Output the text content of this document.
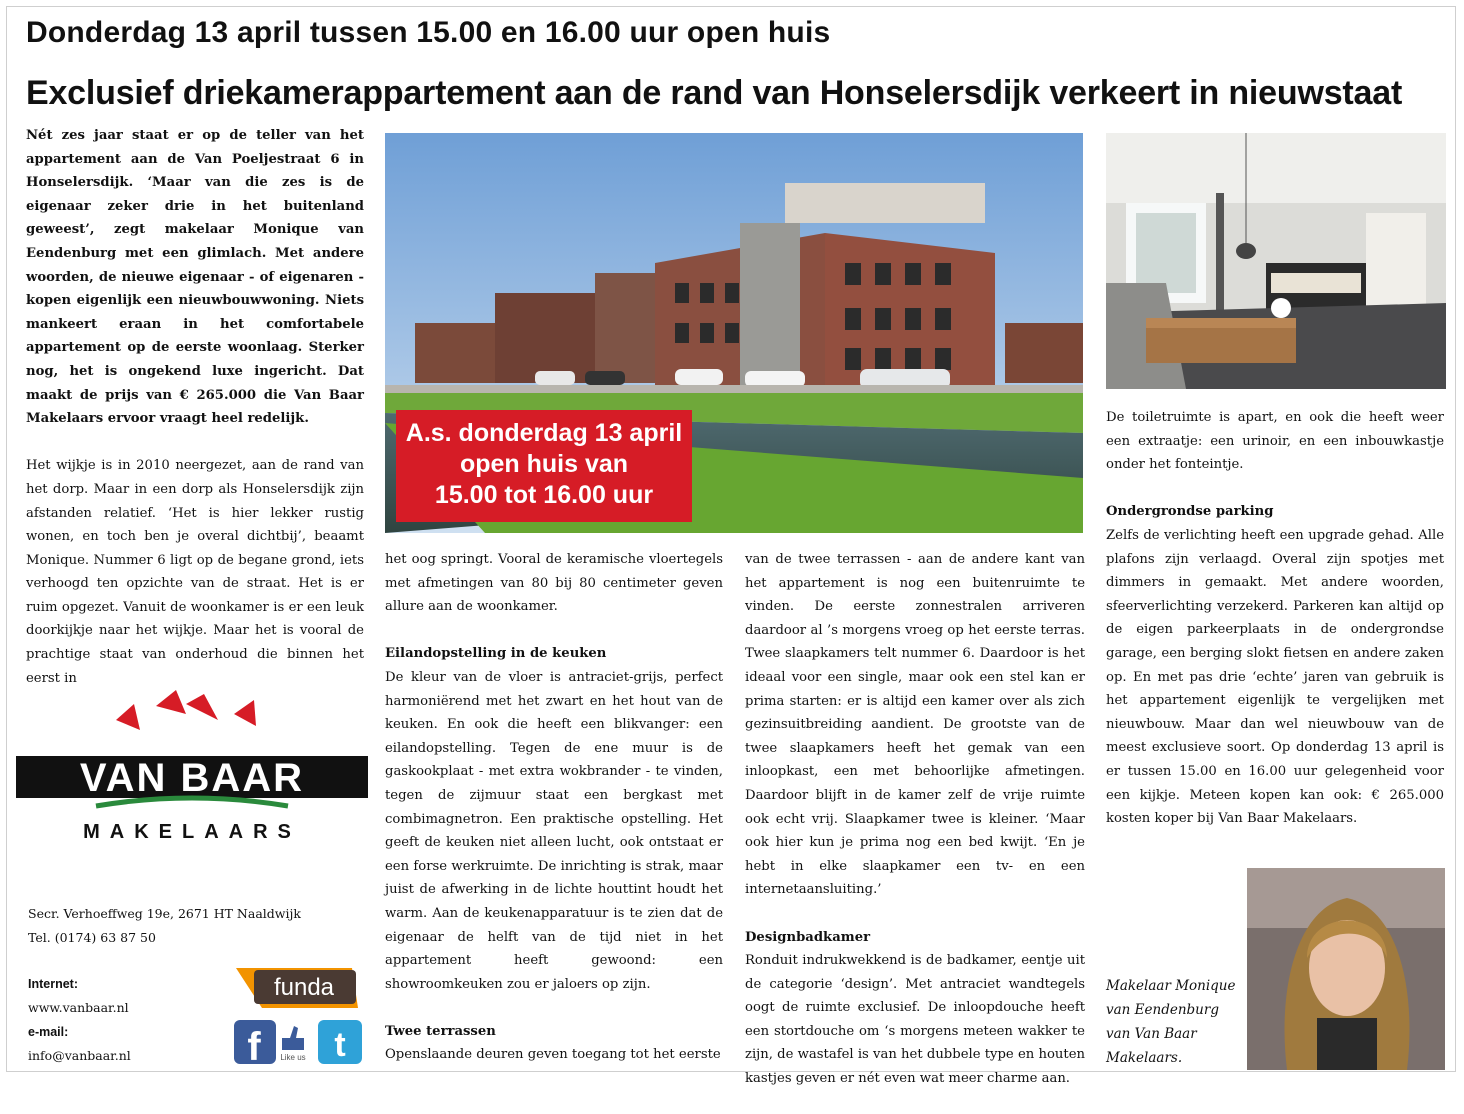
Donderdag 13 april tussen 15.00 en 16.00 uur open huis
Exclusief driekamerappartement aan de rand van Honselersdijk verkeert in nieuwstaat

Nét zes jaar staat er op de teller van het appartement aan de Van Poeljestraat 6 in Honselersdijk. ‘Maar van die zes is de eigenaar zeker drie in het buitenland geweest’, zegt makelaar Monique van Eendenburg met een glimlach. Met andere woorden, de nieuwe eigenaar - of eigenaren - kopen eigenlijk een nieuwbouwwoning. Niets mankeert eraan in het comfortabele appartement op de eerste woonlaag. Sterker nog, het is ongekend luxe ingericht. Dat maakt de prijs van € 265.000 die Van Baar Makelaars ervoor vraagt heel redelijk.

Het wijkje is in 2010 neergezet, aan de rand van het dorp. Maar in een dorp als Honselersdijk zijn afstanden relatief. ‘Het is hier lekker rustig wonen, en toch ben je overal dichtbij’, beaamt Monique. Nummer 6 ligt op de begane grond, iets verhoogd ten opzichte van de straat. Het is er ruim opgezet. Vanuit de woonkamer is er een leuk doorkijkje naar het wijkje. Maar het is vooral de prachtige staat van onderhoud die binnen het eerst in

A.s. donderdag 13 april
open huis van
15.00 tot 16.00 uur

het oog springt. Vooral de keramische vloertegels met afmetingen van 80 bij 80 centimeter geven allure aan de woonkamer.

Eilandopstelling in de keuken

De kleur van de vloer is antraciet-grijs, perfect harmoniërend met het zwart en het hout van de keuken. En ook die heeft een blikvanger: een eilandopstelling. Tegen de ene muur is de gaskookplaat - met extra wokbrander - te vinden, tegen de zijmuur staat een bergkast met combimagnetron. Een praktische opstelling. Het geeft de keuken niet alleen lucht, ook ontstaat er een forse werkruimte. De inrichting is strak, maar juist de afwerking in de lichte houttint houdt het warm. Aan de keukenapparatuur is te zien dat de eigenaar de helft van de tijd niet in het appartement heeft gewoond: een showroomkeuken zou er jaloers op zijn.

Twee terrassen

Openslaande deuren geven toegang tot het eerste

van de twee terrassen - aan de andere kant van het appartement is nog een buitenruimte te vinden. De eerste zonnestralen arriveren daardoor al ’s morgens vroeg op het eerste terras. Twee slaapkamers telt nummer 6. Daardoor is het ideaal voor een single, maar ook een stel kan er prima starten: er is altijd een kamer over als zich gezinsuitbreiding aandient. De grootste van de twee slaapkamers heeft het gemak van een inloopkast, een met behoorlijke afmetingen. Daardoor blijft in de kamer zelf de vrije ruimte ook echt vrij. Slaapkamer twee is kleiner. ‘Maar ook hier kun je prima nog een bed kwijt. ‘En je hebt in elke slaapkamer een tv- en een internetaansluiting.’

Designbadkamer

Ronduit indrukwekkend is de badkamer, eentje uit de categorie ‘design’. Met antraciet wandtegels oogt de ruimte exclusief. De inloopdouche heeft een stortdouche om ‘s morgens meteen wakker te zijn, de wastafel is van het dubbele type en houten kastjes geven er nét even wat meer charme aan.

De toiletruimte is apart, en ook die heeft weer een extraatje: een urinoir, en een inbouwkastje onder het fonteintje.

Ondergrondse parking

Zelfs de verlichting heeft een upgrade gehad. Alle plafons zijn verlaagd. Overal zijn spotjes met dimmers in gemaakt. Met andere woorden, sfeerverlichting verzekerd. Parkeren kan altijd op de eigen parkeerplaats in de ondergrondse garage, een berging slokt fietsen en andere zaken op. En met pas drie ‘echte’ jaren van gebruik is het appartement eigenlijk te vergelijken met nieuwbouw. Maar dan wel nieuwbouw van de meest exclusieve soort. Op donderdag 13 april is er tussen 15.00 en 16.00 uur gelegenheid voor een kijkje. Meteen kopen kan ook: € 265.000 kosten koper bij Van Baar Makelaars.

VAN BAAR
MAKELAARS
Secr. Verhoeffweg 19e, 2671 HT Naaldwijk
Tel. (0174) 63 87 50
Internet:
www.vanbaar.nl
e-mail:
info@vanbaar.nl
funda
f Like us t
Makelaar Monique van Eendenburg van Van Baar Makelaars.
